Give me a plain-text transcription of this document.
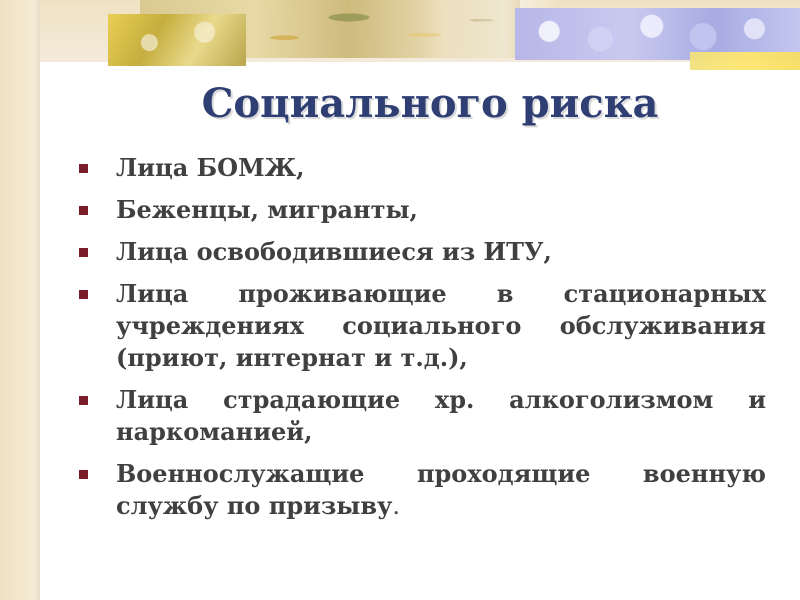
Социального риска
Лица БОМЖ,
Беженцы, мигранты,
Лица освободившиеся из ИТУ,
Лица проживающие в стационарных учреждениях социального обслуживания (приют, интернат и т.д.),
Лица страдающие хр. алкоголизмом и наркоманией,
Военнослужащие проходящие военную службу по призыву.
